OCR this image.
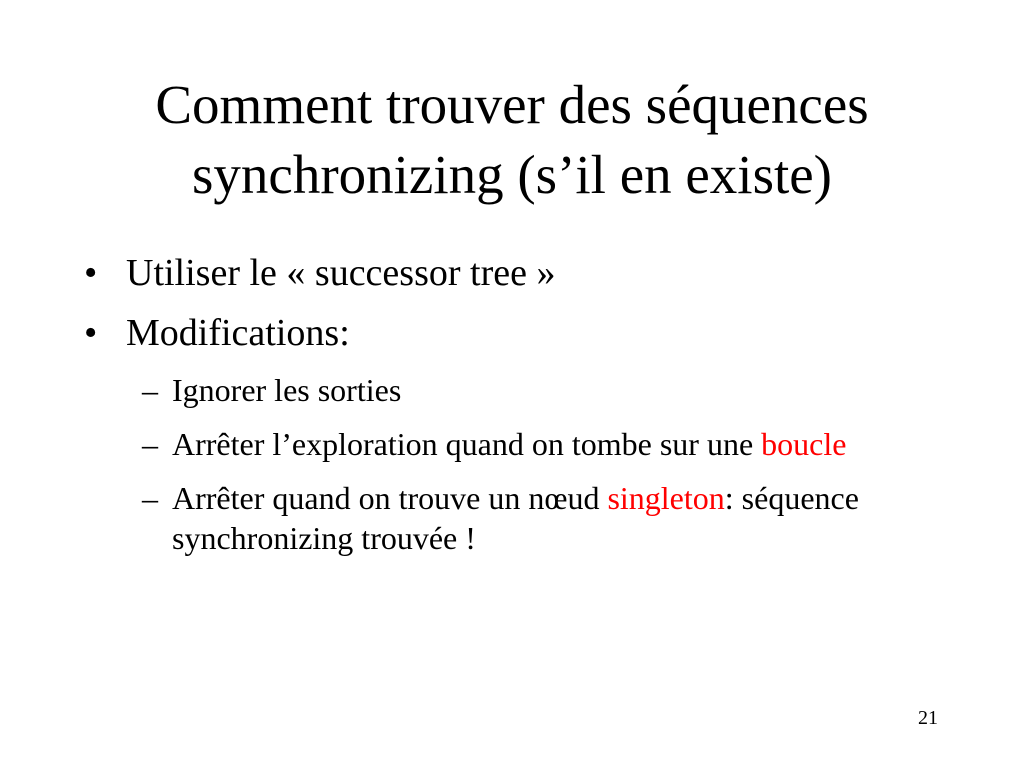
Comment trouver des séquences
synchronizing (s’il en existe)
• Utiliser le « successor tree »
• Modifications:
– Ignorer les sorties
– Arrêter l’exploration quand on tombe sur une boucle
– Arrêter quand on trouve un nœud singleton: séquence synchronizing trouvée !
21
